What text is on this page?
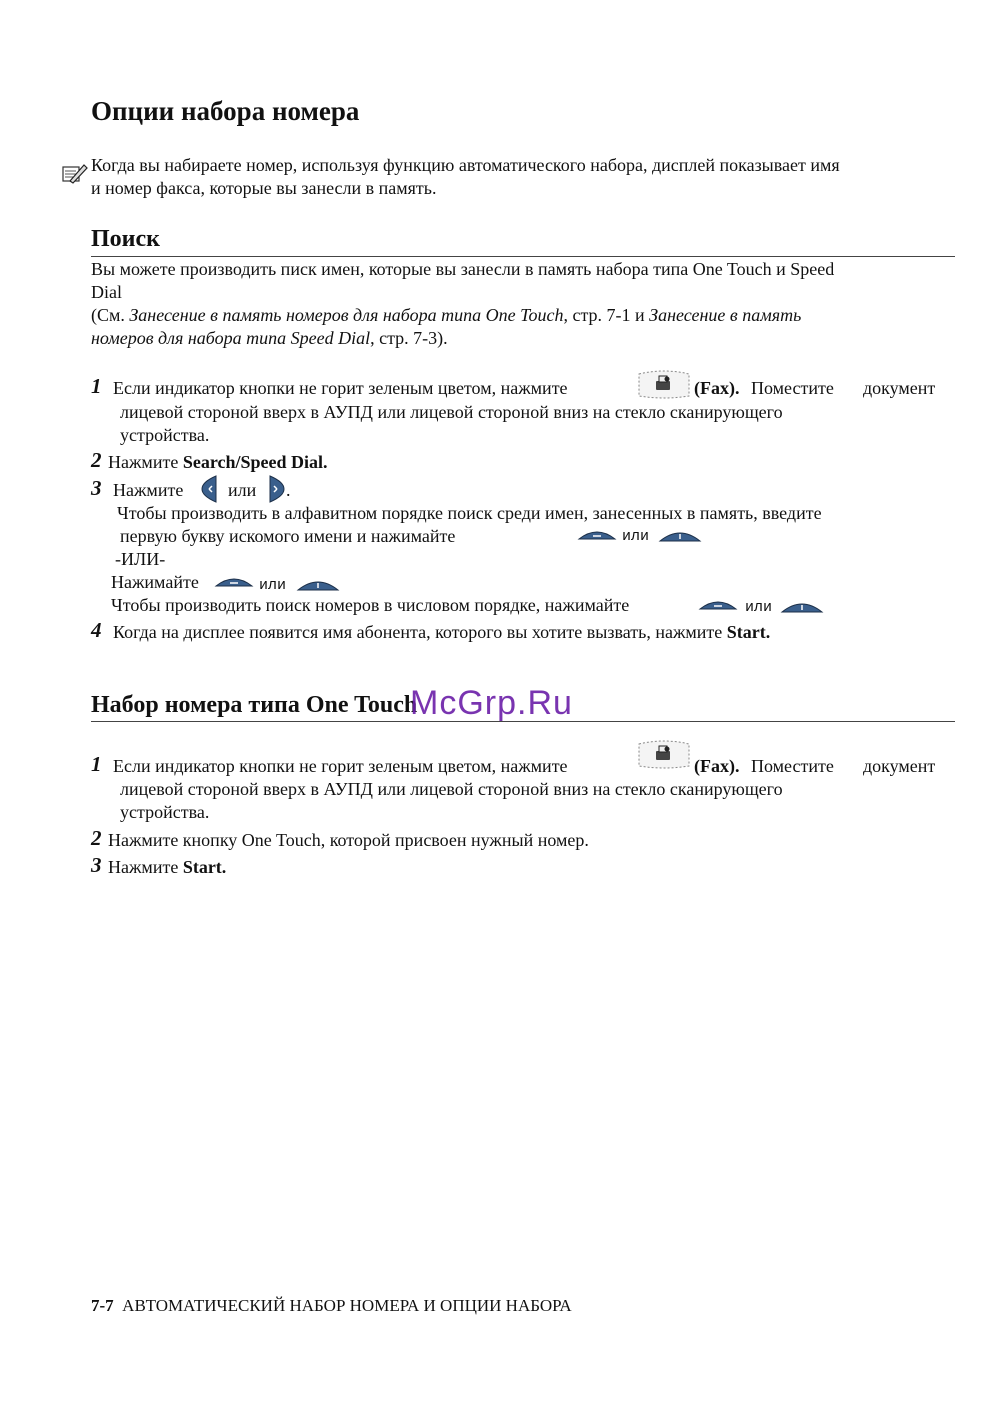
Опции набора номера
Когда вы набираете номер, используя функцию автоматического набора, дисплей показывает имя
и номер факса, которые вы занесли в память.
Поиск
Вы можете производить писк имен, которые вы занесли в память набора типа One Touch и Speed
Dial
(См. Занесение в память номеров для набора типа One Touch, стр. 7-1 и Занесение в память
номеров для набора типа Speed Dial, стр. 7-3).
1 Если индикатор кнопки не горит зеленым цветом, нажмите	(Fax). Поместите документ
лицевой стороной вверх в АУПД или лицевой стороной вниз на стекло сканирующего
устройства.
2 Нажмите Search/Speed Dial.
3 Нажмите или .
Чтобы производить в алфавитном порядке поиск среди имен, занесенных в память, введите
первую букву искомого имени и нажимайте	или
-ИЛИ-
Нажимайте	или
Чтобы производить поиск номеров в числовом порядке, нажимайте	или
4 Когда на дисплее появится имя абонента, которого вы хотите вызвать, нажмите Start.
Набор номера типа One Touch
1 Если индикатор кнопки не горит зеленым цветом, нажмите	(Fax). Поместите документ
лицевой стороной вверх в АУПД или лицевой стороной вниз на стекло сканирующего
устройства.
2 Нажмите кнопку One Touch, которой присвоен нужный номер.
3 Нажмите Start.
McGrp.Ru
7-7 АВТОМАТИЧЕСКИЙ НАБОР НОМЕРА И ОПЦИИ НАБОРА
